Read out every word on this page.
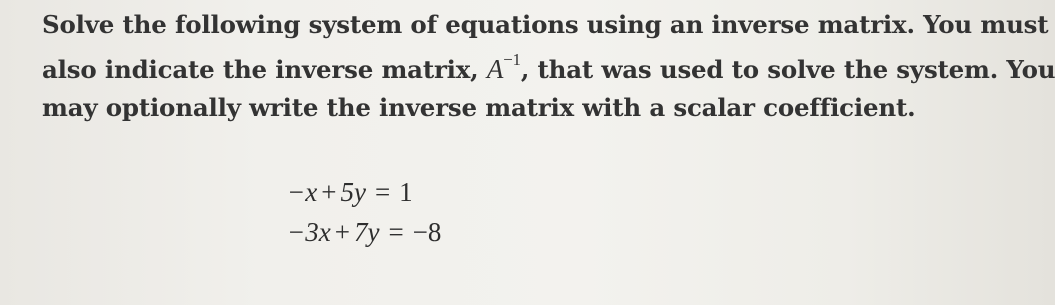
Solve the following system of equations using an inverse matrix. You must
also indicate the inverse matrix, $A^{-1}$, that was used to solve the system. You
may optionally write the inverse matrix with a scalar coefficient.
−x + 5y = 1
−3x + 7y = −8
